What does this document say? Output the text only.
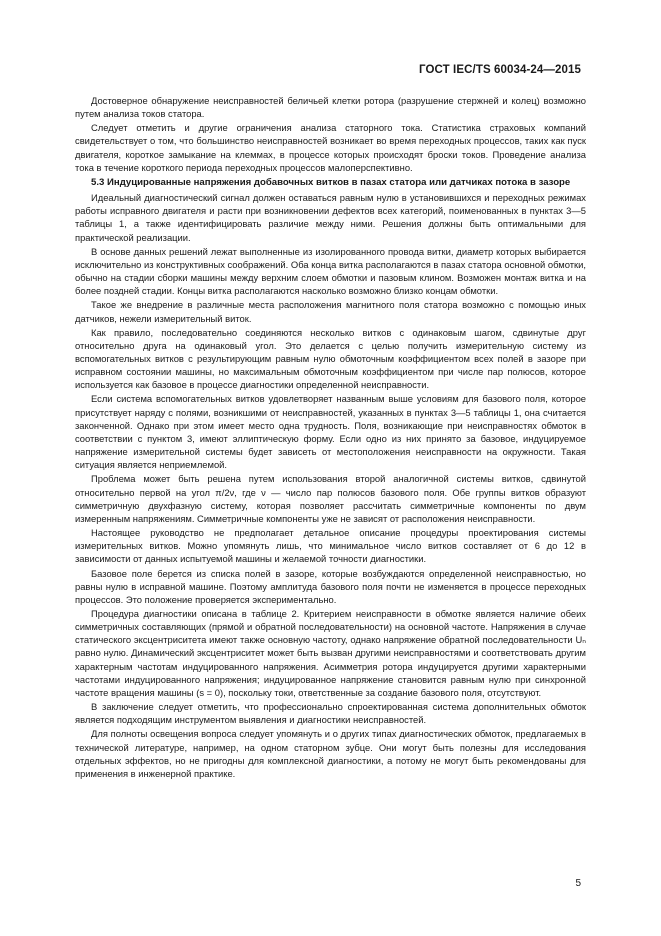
ГОСТ IEC/TS 60034-24—2015

Достоверное обнаружение неисправностей беличьей клетки ротора (разрушение стержней и колец) возможно путем анализа токов статора.

Следует отметить и другие ограничения анализа статорного тока. Статистика страховых компаний свидетельствует о том, что большинство неисправностей возникает во время переходных процессов, таких как пуск двигателя, короткое замыкание на клеммах, в процессе которых происходят броски токов. Проведение анализа тока в течение короткого периода переходных процессов малоперспективно.

5.3 Индуцированные напряжения добавочных витков в пазах статора или датчиках потока в зазоре

Идеальный диагностический сигнал должен оставаться равным нулю в установившихся и переходных режимах работы исправного двигателя и расти при возникновении дефектов всех категорий, поименованных в пунктах 3—5 таблицы 1, а также идентифицировать различие между ними. Решения должны быть оптимальными для практической реализации.

В основе данных решений лежат выполненные из изолированного провода витки, диаметр которых выбирается исключительно из конструктивных соображений. Оба конца витка располагаются в пазах статора основной обмотки, обычно на стадии сборки машины между верхним слоем обмотки и пазовым клином. Возможен монтаж витка и на более поздней стадии. Концы витка располагаются насколько возможно близко концам обмотки.

Такое же внедрение в различные места расположения магнитного поля статора возможно с помощью иных датчиков, нежели измерительный виток.

Как правило, последовательно соединяются несколько витков с одинаковым шагом, сдвинутые друг относительно друга на одинаковый угол. Это делается с целью получить измерительную систему из вспомогательных витков с результирующим равным нулю обмоточным коэффициентом всех полей в зазоре при исправном состоянии машины, но максимальным обмоточным коэффициентом при числе пар полюсов, которое используется как базовое в процессе диагностики определенной неисправности.

Если система вспомогательных витков удовлетворяет названным выше условиям для базового поля, которое присутствует наряду с полями, возникшими от неисправностей, указанных в пунктах 3—5 таблицы 1, она считается законченной. Однако при этом имеет место одна трудность. Поля, возникающие при неисправностях обмоток в соответствии с пунктом 3, имеют эллиптическую форму. Если одно из них принято за базовое, индуцируемое напряжение измерительной системы будет зависеть от местоположения неисправности на окружности. Такая ситуация является неприемлемой.

Проблема может быть решена путем использования второй аналогичной системы витков, сдвинутой относительно первой на угол π/2ν, где ν — число пар полюсов базового поля. Обе группы витков образуют симметричную двухфазную систему, которая позволяет рассчитать симметричные компоненты по двум измеренным напряжениям. Симметричные компоненты уже не зависят от расположения неисправности.

Настоящее руководство не предполагает детальное описание процедуры проектирования системы измерительных витков. Можно упомянуть лишь, что минимальное число витков составляет от 6 до 12 в зависимости от данных испытуемой машины и желаемой точности диагностики.

Базовое поле берется из списка полей в зазоре, которые возбуждаются определенной неисправностью, но равны нулю в исправной машине. Поэтому амплитуда базового поля почти не изменяется в процессе переходных процессов. Это положение проверяется экспериментально.

Процедура диагностики описана в таблице 2. Критерием неисправности в обмотке является наличие обеих симметричных составляющих (прямой и обратной последовательности) на основной частоте. Напряжения в случае статического эксцентриситета имеют также основную частоту, однако напряжение обратной последовательности Uₙ равно нулю. Динамический эксцентриситет может быть вызван другими неисправностями и соответствовать другим характерным частотам индуцированного напряжения. Асимметрия ротора индуцируется другими характерными частотами индуцированного напряжения; индуцированное напряжение становится равным нулю при синхронной частоте вращения машины (s = 0), поскольку токи, ответственные за создание базового поля, отсутствуют.

В заключение следует отметить, что профессионально спроектированная система дополнительных обмоток является подходящим инструментом выявления и диагностики неисправностей.

Для полноты освещения вопроса следует упомянуть и о других типах диагностических обмоток, предлагаемых в технической литературе, например, на одном статорном зубце. Они могут быть полезны для исследования отдельных эффектов, но не пригодны для комплексной диагностики, а потому не могут быть рекомендованы для применения в инженерной практике.

5
